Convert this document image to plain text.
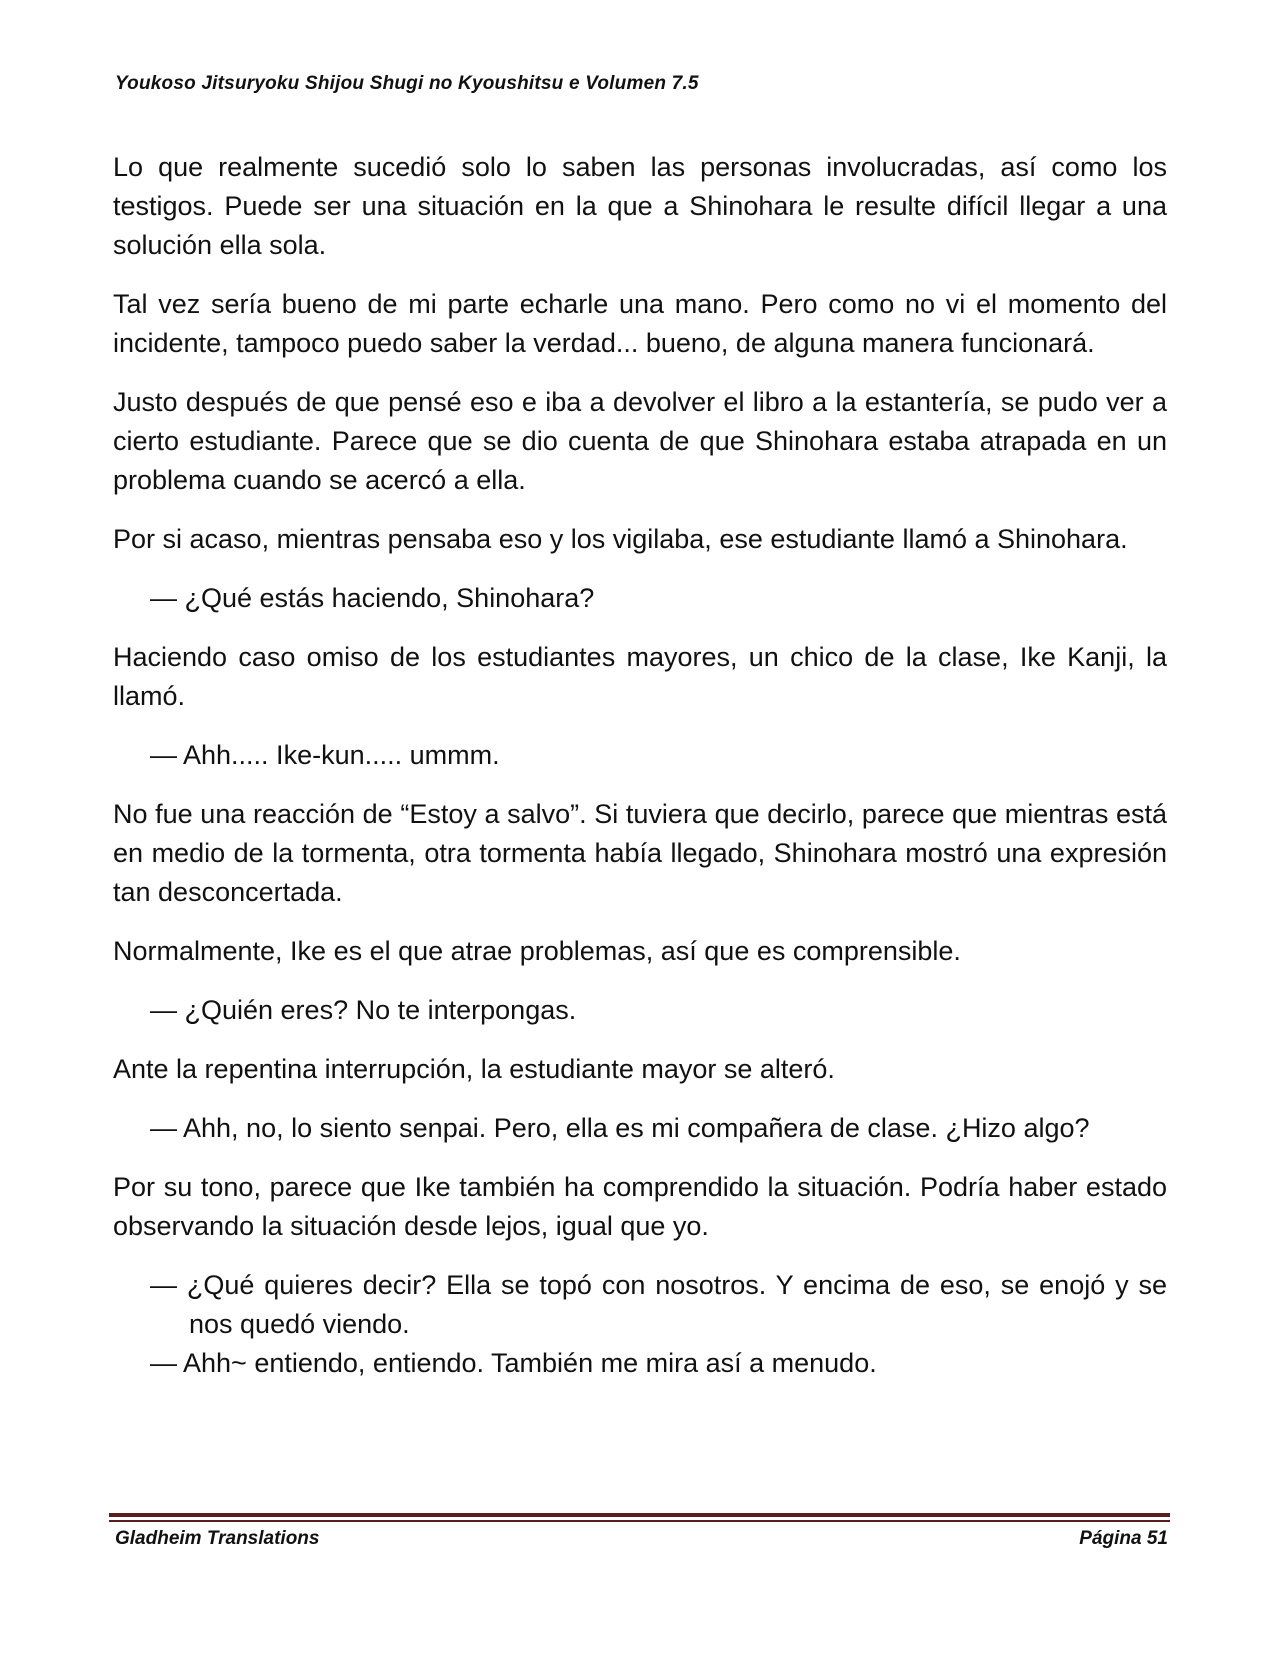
Youkoso Jitsuryoku Shijou Shugi no Kyoushitsu e Volumen 7.5

Lo que realmente sucedió solo lo saben las personas involucradas, así como los testigos. Puede ser una situación en la que a Shinohara le resulte difícil llegar a una solución ella sola.

Tal vez sería bueno de mi parte echarle una mano. Pero como no vi el momento del incidente, tampoco puedo saber la verdad... bueno, de alguna manera funcionará.

Justo después de que pensé eso e iba a devolver el libro a la estantería, se pudo ver a cierto estudiante. Parece que se dio cuenta de que Shinohara estaba atrapada en un problema cuando se acercó a ella.

Por si acaso, mientras pensaba eso y los vigilaba, ese estudiante llamó a Shinohara.

— ¿Qué estás haciendo, Shinohara?

Haciendo caso omiso de los estudiantes mayores, un chico de la clase, Ike Kanji, la llamó.

— Ahh..... Ike-kun..... ummm.

No fue una reacción de “Estoy a salvo”. Si tuviera que decirlo, parece que mientras está en medio de la tormenta, otra tormenta había llegado, Shinohara mostró una expresión tan desconcertada.

Normalmente, Ike es el que atrae problemas, así que es comprensible.

— ¿Quién eres? No te interpongas.

Ante la repentina interrupción, la estudiante mayor se alteró.

— Ahh, no, lo siento senpai. Pero, ella es mi compañera de clase. ¿Hizo algo?

Por su tono, parece que Ike también ha comprendido la situación. Podría haber estado observando la situación desde lejos, igual que yo.

— ¿Qué quieres decir? Ella se topó con nosotros. Y encima de eso, se enojó y se nos quedó viendo.

— Ahh~ entiendo, entiendo. También me mira así a menudo.

Gladheim Translations	Página 51
